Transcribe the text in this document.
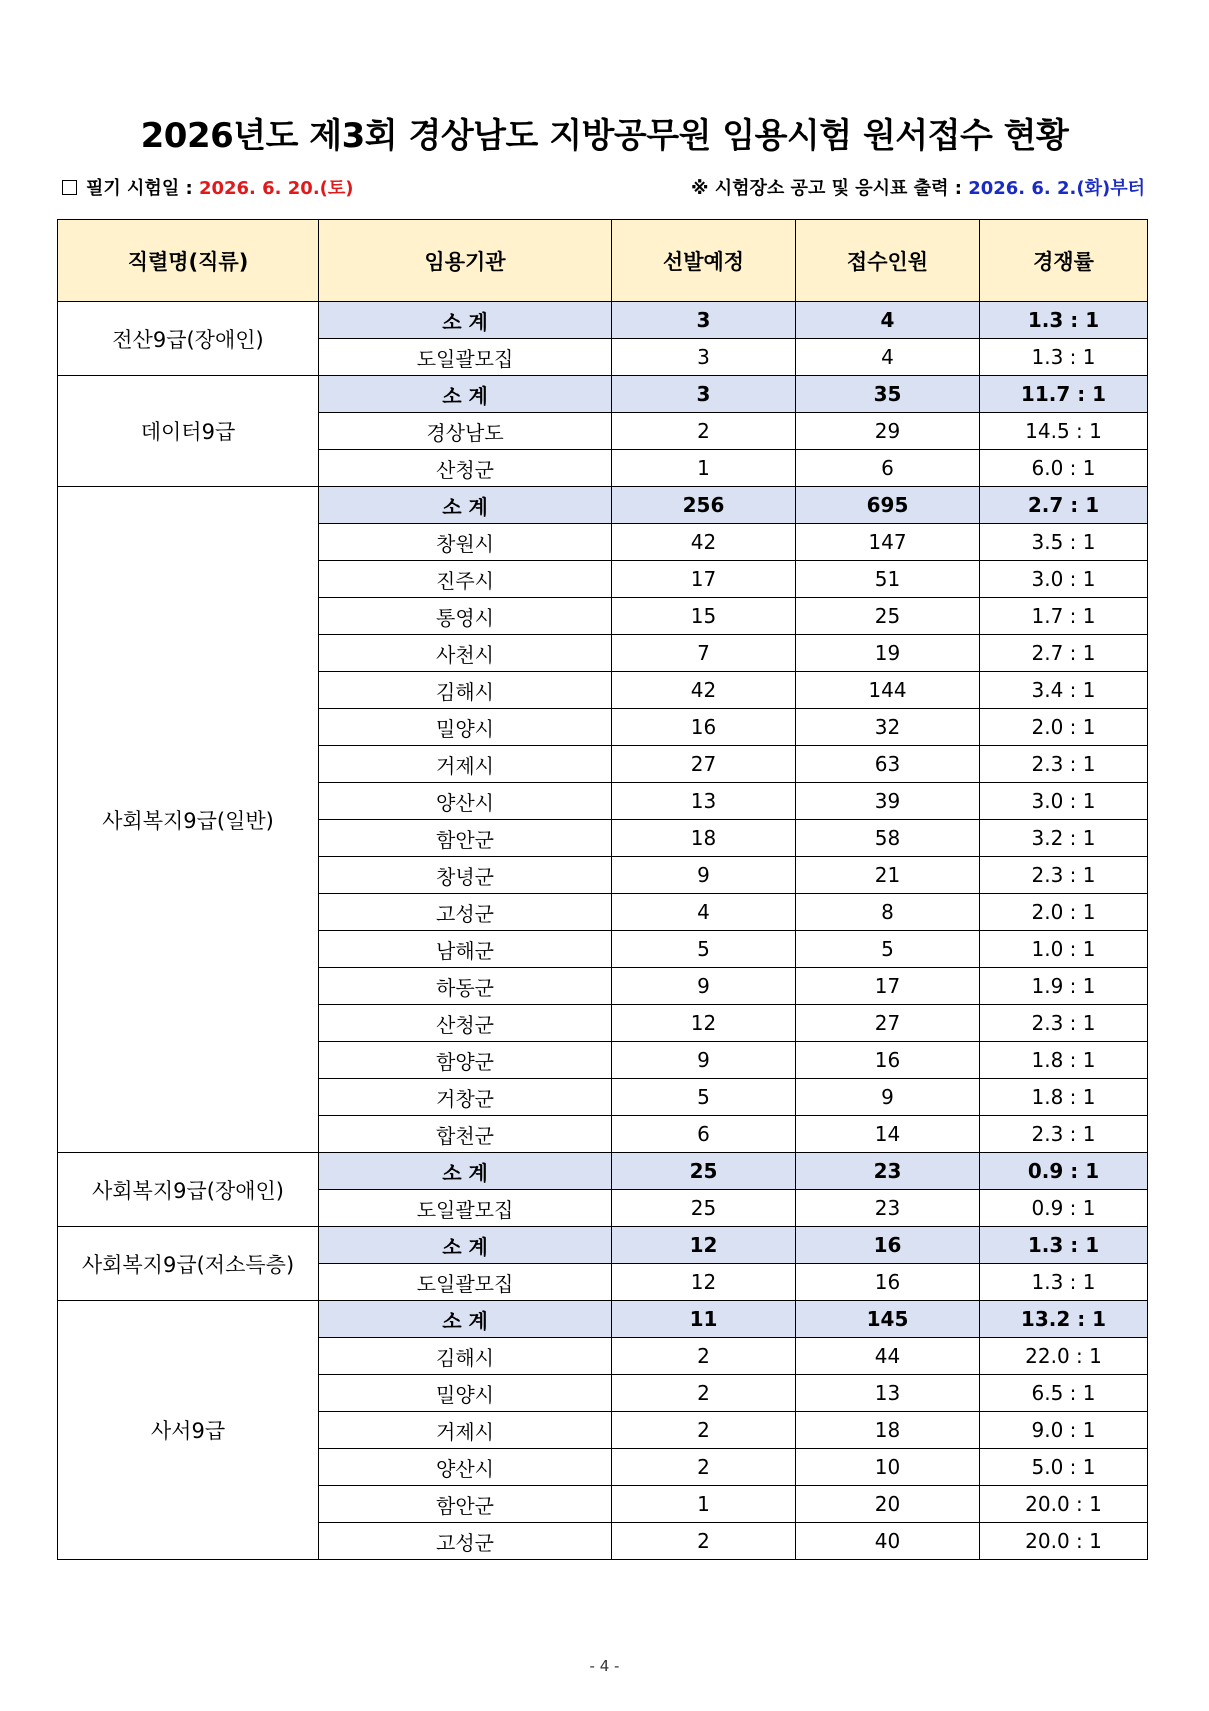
2026년도 제3회 경상남도 지방공무원 임용시험 원서접수 현황
필기 시험일 : 2026. 6. 20.(토)	※ 시험장소 공고 및 응시표 출력 : 2026. 6. 2.(화)부터
직렬명(직류)	임용기관	선발예정	접수인원	경쟁률
전산9급(장애인)	소 계	3	4	1.3 : 1
	도일괄모집	3	4	1.3 : 1
데이터9급	소 계	3	35	11.7 : 1
	경상남도	2	29	14.5 : 1
	산청군	1	6	6.0 : 1
사회복지9급(일반)	소 계	256	695	2.7 : 1
	창원시	42	147	3.5 : 1
	진주시	17	51	3.0 : 1
	통영시	15	25	1.7 : 1
	사천시	7	19	2.7 : 1
	김해시	42	144	3.4 : 1
	밀양시	16	32	2.0 : 1
	거제시	27	63	2.3 : 1
	양산시	13	39	3.0 : 1
	함안군	18	58	3.2 : 1
	창녕군	9	21	2.3 : 1
	고성군	4	8	2.0 : 1
	남해군	5	5	1.0 : 1
	하동군	9	17	1.9 : 1
	산청군	12	27	2.3 : 1
	함양군	9	16	1.8 : 1
	거창군	5	9	1.8 : 1
	합천군	6	14	2.3 : 1
사회복지9급(장애인)	소 계	25	23	0.9 : 1
	도일괄모집	25	23	0.9 : 1
사회복지9급(저소득층)	소 계	12	16	1.3 : 1
	도일괄모집	12	16	1.3 : 1
사서9급	소 계	11	145	13.2 : 1
	김해시	2	44	22.0 : 1
	밀양시	2	13	6.5 : 1
	거제시	2	18	9.0 : 1
	양산시	2	10	5.0 : 1
	함안군	1	20	20.0 : 1
	고성군	2	40	20.0 : 1
- 4 -
